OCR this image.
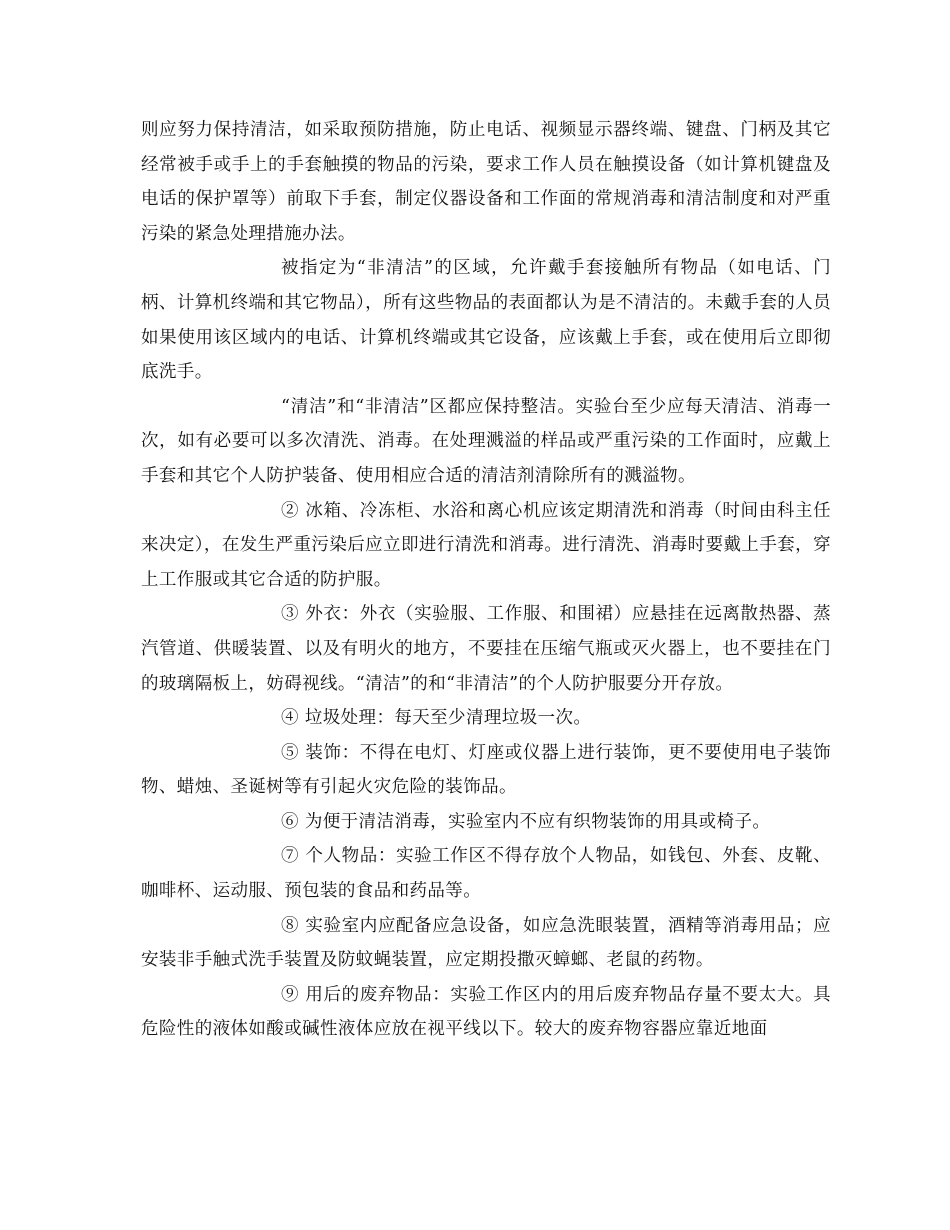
则应努力保持清洁，如采取预防措施，防止电话、视频显示器终端、键盘、门柄及其它经常被手或手上的手套触摸的物品的污染，要求工作人员在触摸设备（如计算机键盘及电话的保护罩等）前取下手套，制定仪器设备和工作面的常规消毒和清洁制度和对严重污染的紧急处理措施办法。

被指定为“非清洁”的区域，允许戴手套接触所有物品（如电话、门柄、计算机终端和其它物品），所有这些物品的表面都认为是不清洁的。未戴手套的人员如果使用该区域内的电话、计算机终端或其它设备，应该戴上手套，或在使用后立即彻底洗手。

“清洁”和“非清洁”区都应保持整洁。实验台至少应每天清洁、消毒一次，如有必要可以多次清洗、消毒。在处理溅溢的样品或严重污染的工作面时，应戴上手套和其它个人防护装备、使用相应合适的清洁剂清除所有的溅溢物。

② 冰箱、冷冻柜、水浴和离心机应该定期清洗和消毒（时间由科主任来决定），在发生严重污染后应立即进行清洗和消毒。进行清洗、消毒时要戴上手套，穿上工作服或其它合适的防护服。

③ 外衣：外衣（实验服、工作服、和围裙）应悬挂在远离散热器、蒸汽管道、供暖装置、以及有明火的地方，不要挂在压缩气瓶或灭火器上，也不要挂在门的玻璃隔板上，妨碍视线。“清洁”的和“非清洁”的个人防护服要分开存放。

④ 垃圾处理：每天至少清理垃圾一次。

⑤ 装饰：不得在电灯、灯座或仪器上进行装饰，更不要使用电子装饰物、蜡烛、圣诞树等有引起火灾危险的装饰品。

⑥ 为便于清洁消毒，实验室内不应有织物装饰的用具或椅子。

⑦ 个人物品：实验工作区不得存放个人物品，如钱包、外套、皮靴、咖啡杯、运动服、预包装的食品和药品等。

⑧ 实验室内应配备应急设备，如应急洗眼装置，酒精等消毒用品；应安装非手触式洗手装置及防蚊蝇装置，应定期投撒灭蟑螂、老鼠的药物。

⑨ 用后的废弃物品：实验工作区内的用后废弃物品存量不要太大。具危险性的液体如酸或碱性液体应放在视平线以下。较大的废弃物容器应靠近地面
